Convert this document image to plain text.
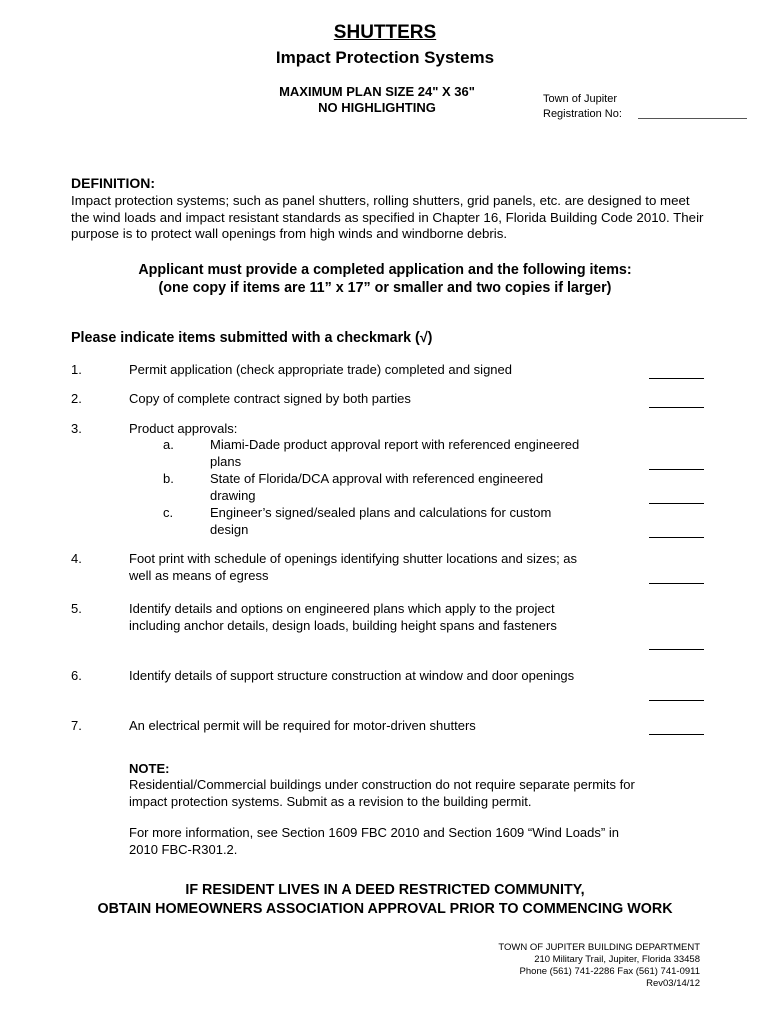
SHUTTERS
Impact Protection Systems
MAXIMUM PLAN SIZE 24" X 36"
NO HIGHLIGHTING
Town of Jupiter
Registration No:
DEFINITION:
Impact protection systems; such as panel shutters, rolling shutters, grid panels, etc. are designed to meet the wind loads and impact resistant standards as specified in Chapter 16, Florida Building Code 2010. Their purpose is to protect wall openings from high winds and windborne debris.
Applicant must provide a completed application and the following items:
(one copy if items are 11” x 17” or smaller and two copies if larger)
Please indicate items submitted with a checkmark (√)
1.	Permit application (check appropriate trade) completed and signed
2.	Copy of complete contract signed by both parties
3.	Product approvals:
a.	Miami-Dade product approval report with referenced engineered plans
b.	State of Florida/DCA approval with referenced engineered drawing
c.	Engineer’s signed/sealed plans and calculations for custom design
4.	Foot print with schedule of openings identifying shutter locations and sizes; as well as means of egress
5.	Identify details and options on engineered plans which apply to the project including anchor details, design loads, building height spans and fasteners
6.	Identify details of support structure construction at window and door openings
7.	An electrical permit will be required for motor-driven shutters
NOTE:
Residential/Commercial buildings under construction do not require separate permits for impact protection systems. Submit as a revision to the building permit.
For more information, see Section 1609 FBC 2010 and Section 1609 “Wind Loads” in 2010 FBC-R301.2.
IF RESIDENT LIVES IN A DEED RESTRICTED COMMUNITY,
OBTAIN HOMEOWNERS ASSOCIATION APPROVAL PRIOR TO COMMENCING WORK
TOWN OF JUPITER BUILDING DEPARTMENT
210 Military Trail, Jupiter, Florida 33458
Phone (561) 741-2286 Fax (561) 741-0911
Rev03/14/12
